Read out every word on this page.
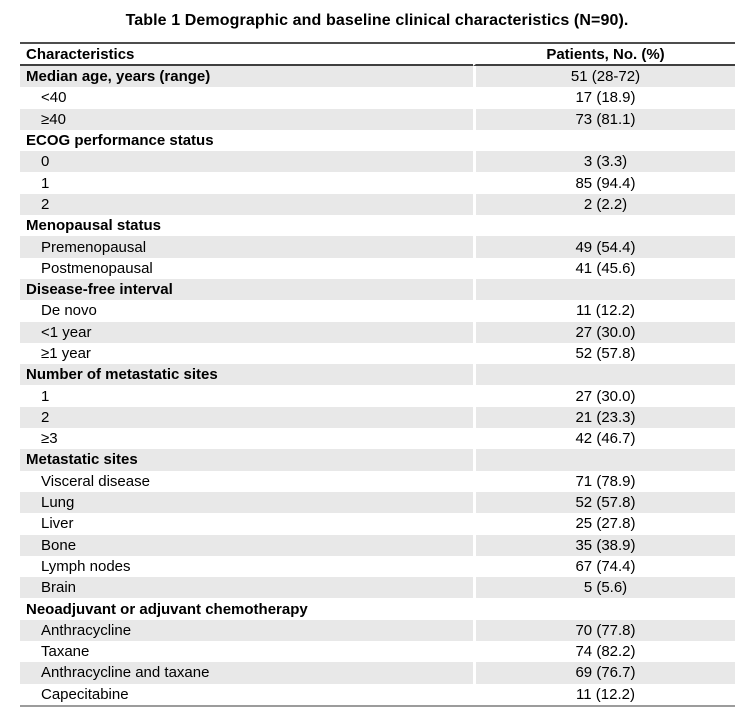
Table 1 Demographic and baseline clinical characteristics (N=90).
Characteristics	Patients, No. (%)
Median age, years (range)	51 (28-72)
<40	17 (18.9)
≥40	73 (81.1)
ECOG performance status	
0	3 (3.3)
1	85 (94.4)
2	2 (2.2)
Menopausal status	
Premenopausal	49 (54.4)
Postmenopausal	41 (45.6)
Disease-free interval	
De novo	11 (12.2)
<1 year	27 (30.0)
≥1 year	52 (57.8)
Number of metastatic sites	
1	27 (30.0)
2	21 (23.3)
≥3	42 (46.7)
Metastatic sites	
Visceral disease	71 (78.9)
Lung	52 (57.8)
Liver	25 (27.8)
Bone	35 (38.9)
Lymph nodes	67 (74.4)
Brain	5 (5.6)
Neoadjuvant or adjuvant chemotherapy	
Anthracycline	70 (77.8)
Taxane	74 (82.2)
Anthracycline and taxane	69 (76.7)
Capecitabine	11 (12.2)
